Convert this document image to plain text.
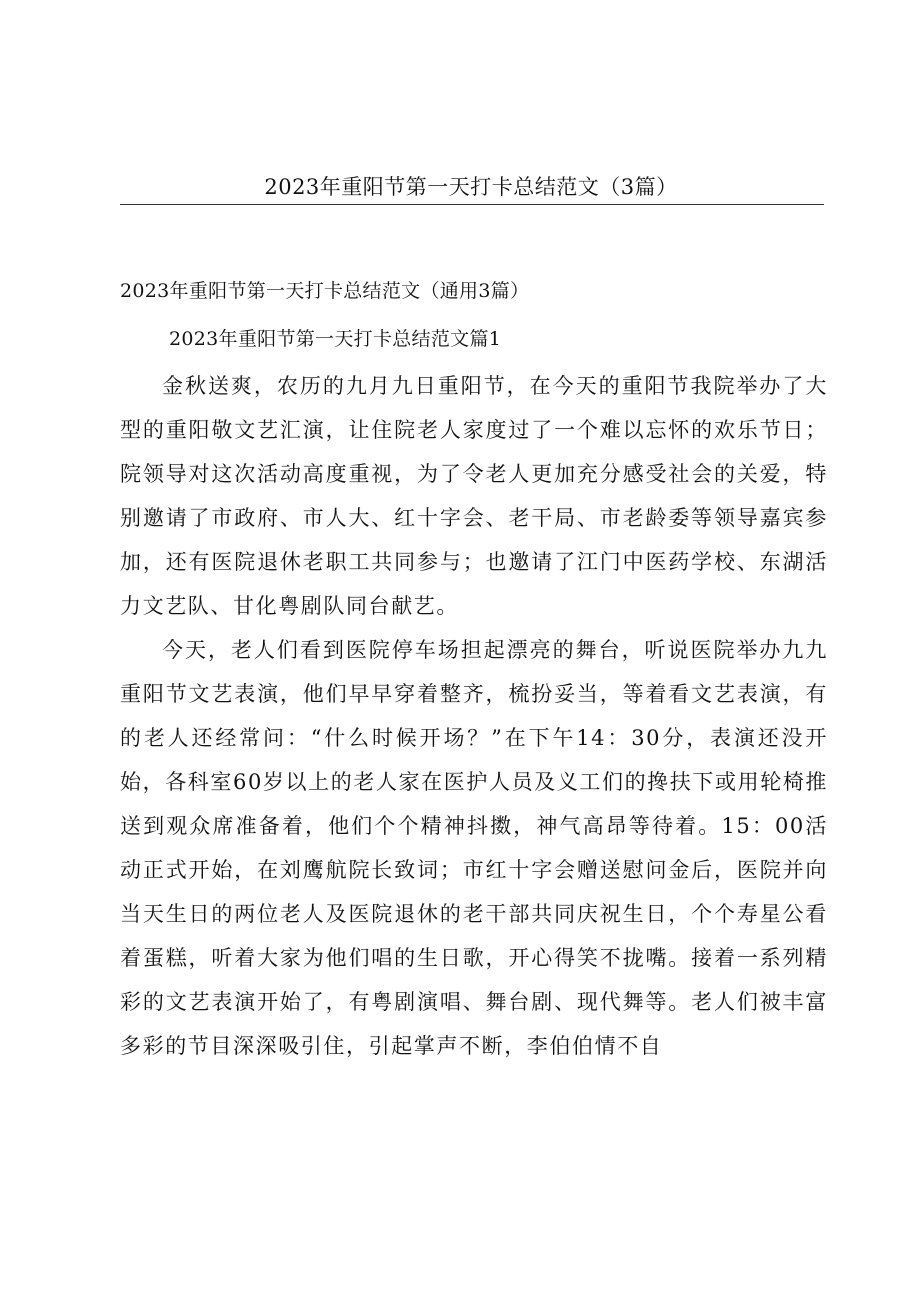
2023年重阳节第一天打卡总结范文（3篇）
2023年重阳节第一天打卡总结范文（通用3篇）
2023年重阳节第一天打卡总结范文篇1

金秋送爽，农历的九月九日重阳节，在今天的重阳节我院举办了大型的重阳敬文艺汇演，让住院老人家度过了一个难以忘怀的欢乐节日；院领导对这次活动高度重视，为了令老人更加充分感受社会的关爱，特别邀请了市政府、市人大、红十字会、老干局、市老龄委等领导嘉宾参加，还有医院退休老职工共同参与；也邀请了江门中医药学校、东湖活力文艺队、甘化粤剧队同台献艺。

今天，老人们看到医院停车场担起漂亮的舞台，听说医院举办九九重阳节文艺表演，他们早早穿着整齐，梳扮妥当，等着看文艺表演，有的老人还经常问：“什么时候开场？”在下午14：30分，表演还没开始，各科室60岁以上的老人家在医护人员及义工们的搀扶下或用轮椅推送到观众席准备着，他们个个精神抖擞，神气高昂等待着。15：00活动正式开始，在刘鹰航院长致词；市红十字会赠送慰问金后，医院并向当天生日的两位老人及医院退休的老干部共同庆祝生日，个个寿星公看着蛋糕，听着大家为他们唱的生日歌，开心得笑不拢嘴。接着一系列精彩的文艺表演开始了，有粤剧演唱、舞台剧、现代舞等。老人们被丰富多彩的节目深深吸引住，引起掌声不断，李伯伯情不自
